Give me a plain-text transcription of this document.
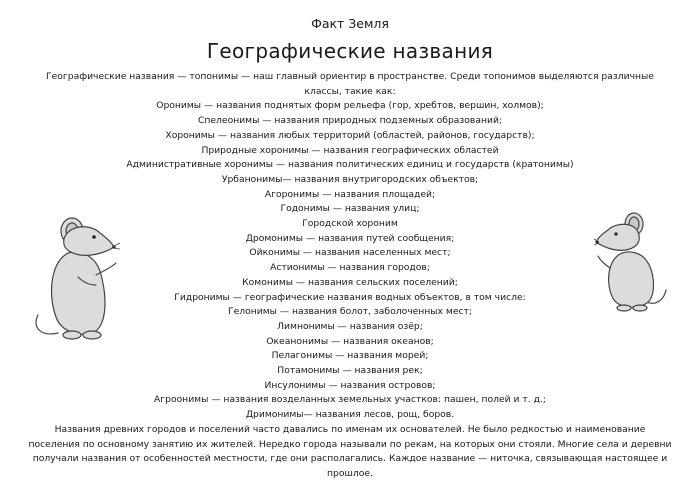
Факт Земля
Географические названия

Географические названия — топонимы — наш главный ориентир в пространстве. Среди топонимов выделяются различные классы, такие как:

Оронимы — названия поднятых форм рельефа (гор, хребтов, вершин, холмов);

Спелеонимы — названия природных подземных образований;

Хоронимы — названия любых территорий (областей, районов, государств);

Природные хоронимы — названия географических областей

Административные хоронимы — названия политических единиц и государств (кратонимы)

Урбанонимы— названия внутригородских объектов;

Агоронимы — названия площадей;

Годонимы — названия улиц;

Городской хороним

Дромонимы — названия путей сообщения;

Ойконимы — названия населенных мест;

Астионимы — названия городов;

Комонимы — названия сельских поселений;

Гидронимы — географические названия водных объектов, в том числе:

Гелонимы — названия болот, заболоченных мест;

Лимнонимы — названия озёр;

Океанонимы — названия океанов;

Пелагонимы — названия морей;

Потамонимы — названия рек;

Инсулонимы — названия островов;

Агроонимы — названия возделанных земельных участков: пашен, полей и т. д.;

Дримонимы— названия лесов, рощ, боров.

Названия древних городов и поселений часто давались по именам их основателей. Не было редкостью и наименование поселения по основному занятию их жителей. Нередко города называли по рекам, на которых они стояли. Многие села и деревни получали названия от особенностей местности, где они располагались. Каждое название — ниточка, связывающая настоящее и прошлое.
